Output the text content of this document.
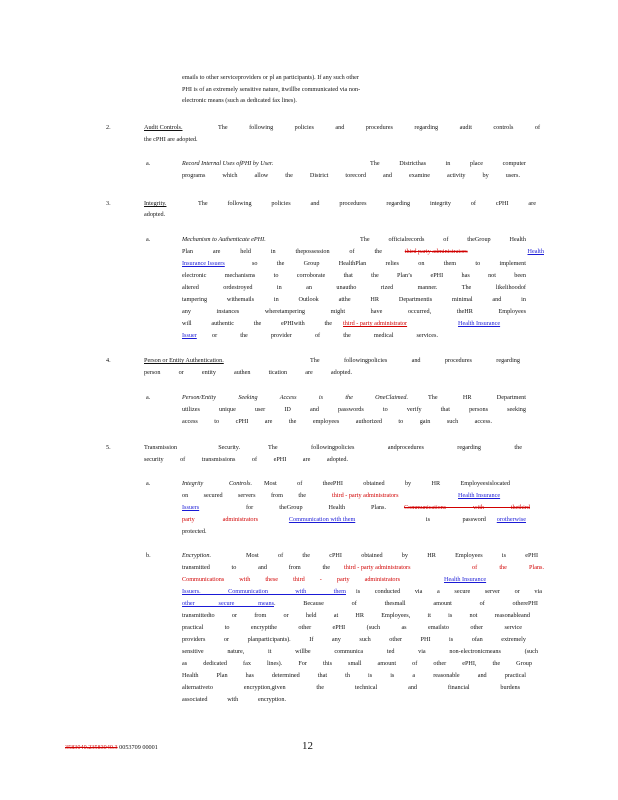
emails to other serviceproviders or pl an participants). If any such other
PHI is of an extremely sensitive nature, itwillbe communicated via non-
electronic means (such as dedicated fax lines).
2.	Audit Controls.	The following policies and procedures regarding audit controls of
the cPHI are adopted.
a.	Record Internal Uses ofPHI by User.	The Districthas in place computer
programs which allow the District torecord and examine activity by users.
3.	Integrity.	The following policies and procedures regarding integrity of cPHI are
adopted.
a.	Mechanism to Authenticate ePHI.	The officialrecords of theGroup Health
Plan are held in thepossession of the	third party administrators	Health
Insurance Issuers	so the Group HealthPlan relies on them to implement
electronic mechanisms to corroborate that the Plan’s ePHI has not been
altered ordestroyed in an unautho rized manner. The likelihoodof
tampering withemails in Outlook atthe HR Departmentis minimal and in
any instances wheretampering might have occurred, theHR Employees
will authentic the ePHIwith the third - party administrator	Health Insurance
Issuer	or the provider of the medical services.
4.	Person or Entity Authentication.	The followingpolicies and procedures regarding
person or entity authen tication are adopted.
a.	Person/Entity Seeking Access is the OneClaimed.	The HR Department
utilizes unique user ID and passwords to verify that persons seeking
access to cPHI are the employees authorized to gain such access.
5.	Transmission Security.	The followingpolicies andprocedures regarding the
security of transmissions of ePHI are adopted.
a.	Integrity Controls.	Most of theePHI obtained by HR Employeesislocated
on secured servers from the	third - party administrators	Health Insurance
Issuers	for theGroup Health Plans.	Communications with thethird
party administrators	Communication with them	is password orotherwise
protected.
b.	Encryption.	Most of the cPHI obtained by HR Employees is ePHI
transmitted to and from the	third - party administrators	of the Plans.
Communications with these third - party administrators	Health Insurance
Issuers. Communication with them	is conducted via a secure server or via
other secure means . Because of thesmall amount of otherePHI
transmittedto or from or held at HR Employees, it is not reasonableand
practical to encryptthe other ePHI (such as emailsto other service
providers or planparticipants). If any such other PHI is ofan extremely
sensitive nature, it willbe communica ted via non-electronicmeans (such
as dedicated fax lines). For this small amount of other ePHI, the Group
Health Plan has determined that th is is a reasonable and practical
alternativeto encryption,given the technical and financial burdens
associated with encryption.
3583040.23583040.3 0053709 00001	12
